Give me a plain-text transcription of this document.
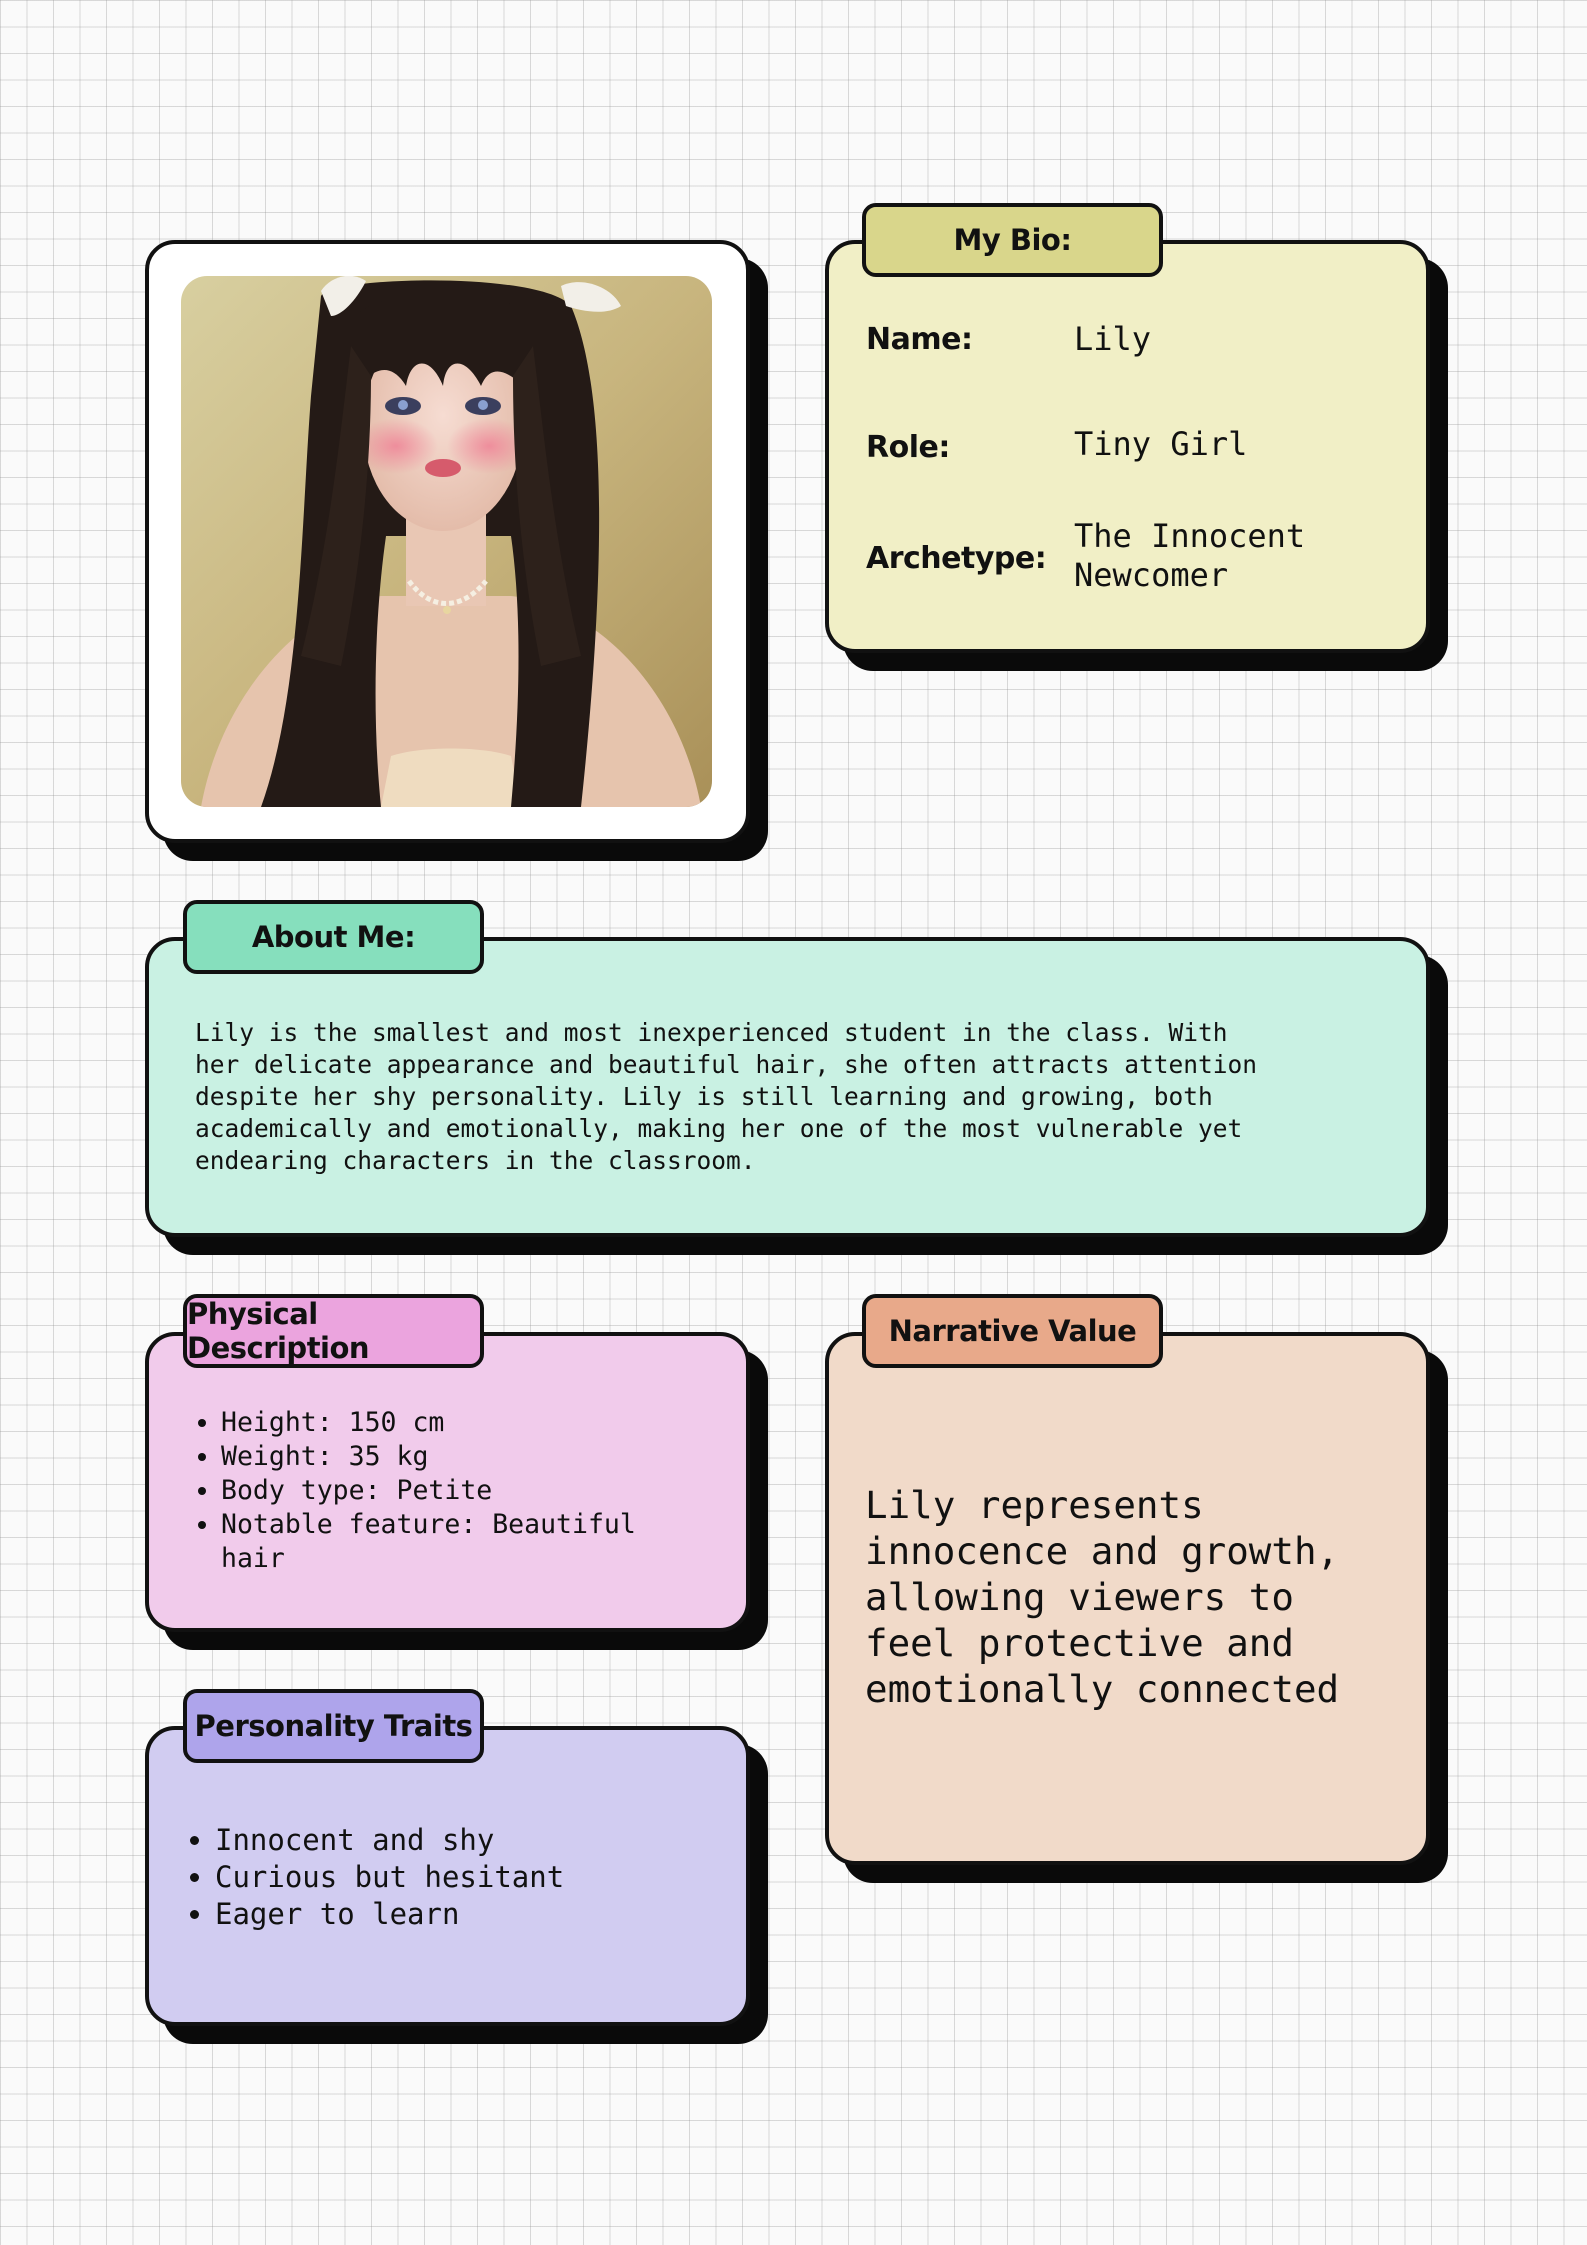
My Bio:
Name:	Lily
Role:	Tiny Girl
Archetype:
The Innocent
Newcomer
About Me:
Lily is the smallest and most inexperienced student in the class. With
her delicate appearance and beautiful hair, she often attracts attention
despite her shy personality. Lily is still learning and growing, both
academically and emotionally, making her one of the most vulnerable yet
endearing characters in the classroom.
Physical Description
• Height: 150 cm
• Weight: 35 kg
• Body type: Petite
• Notable feature: Beautiful hair
Personality Traits
• Innocent and shy
• Curious but hesitant
• Eager to learn
Narrative Value
Lily represents
innocence and growth,
allowing viewers to
feel protective and
emotionally connected
